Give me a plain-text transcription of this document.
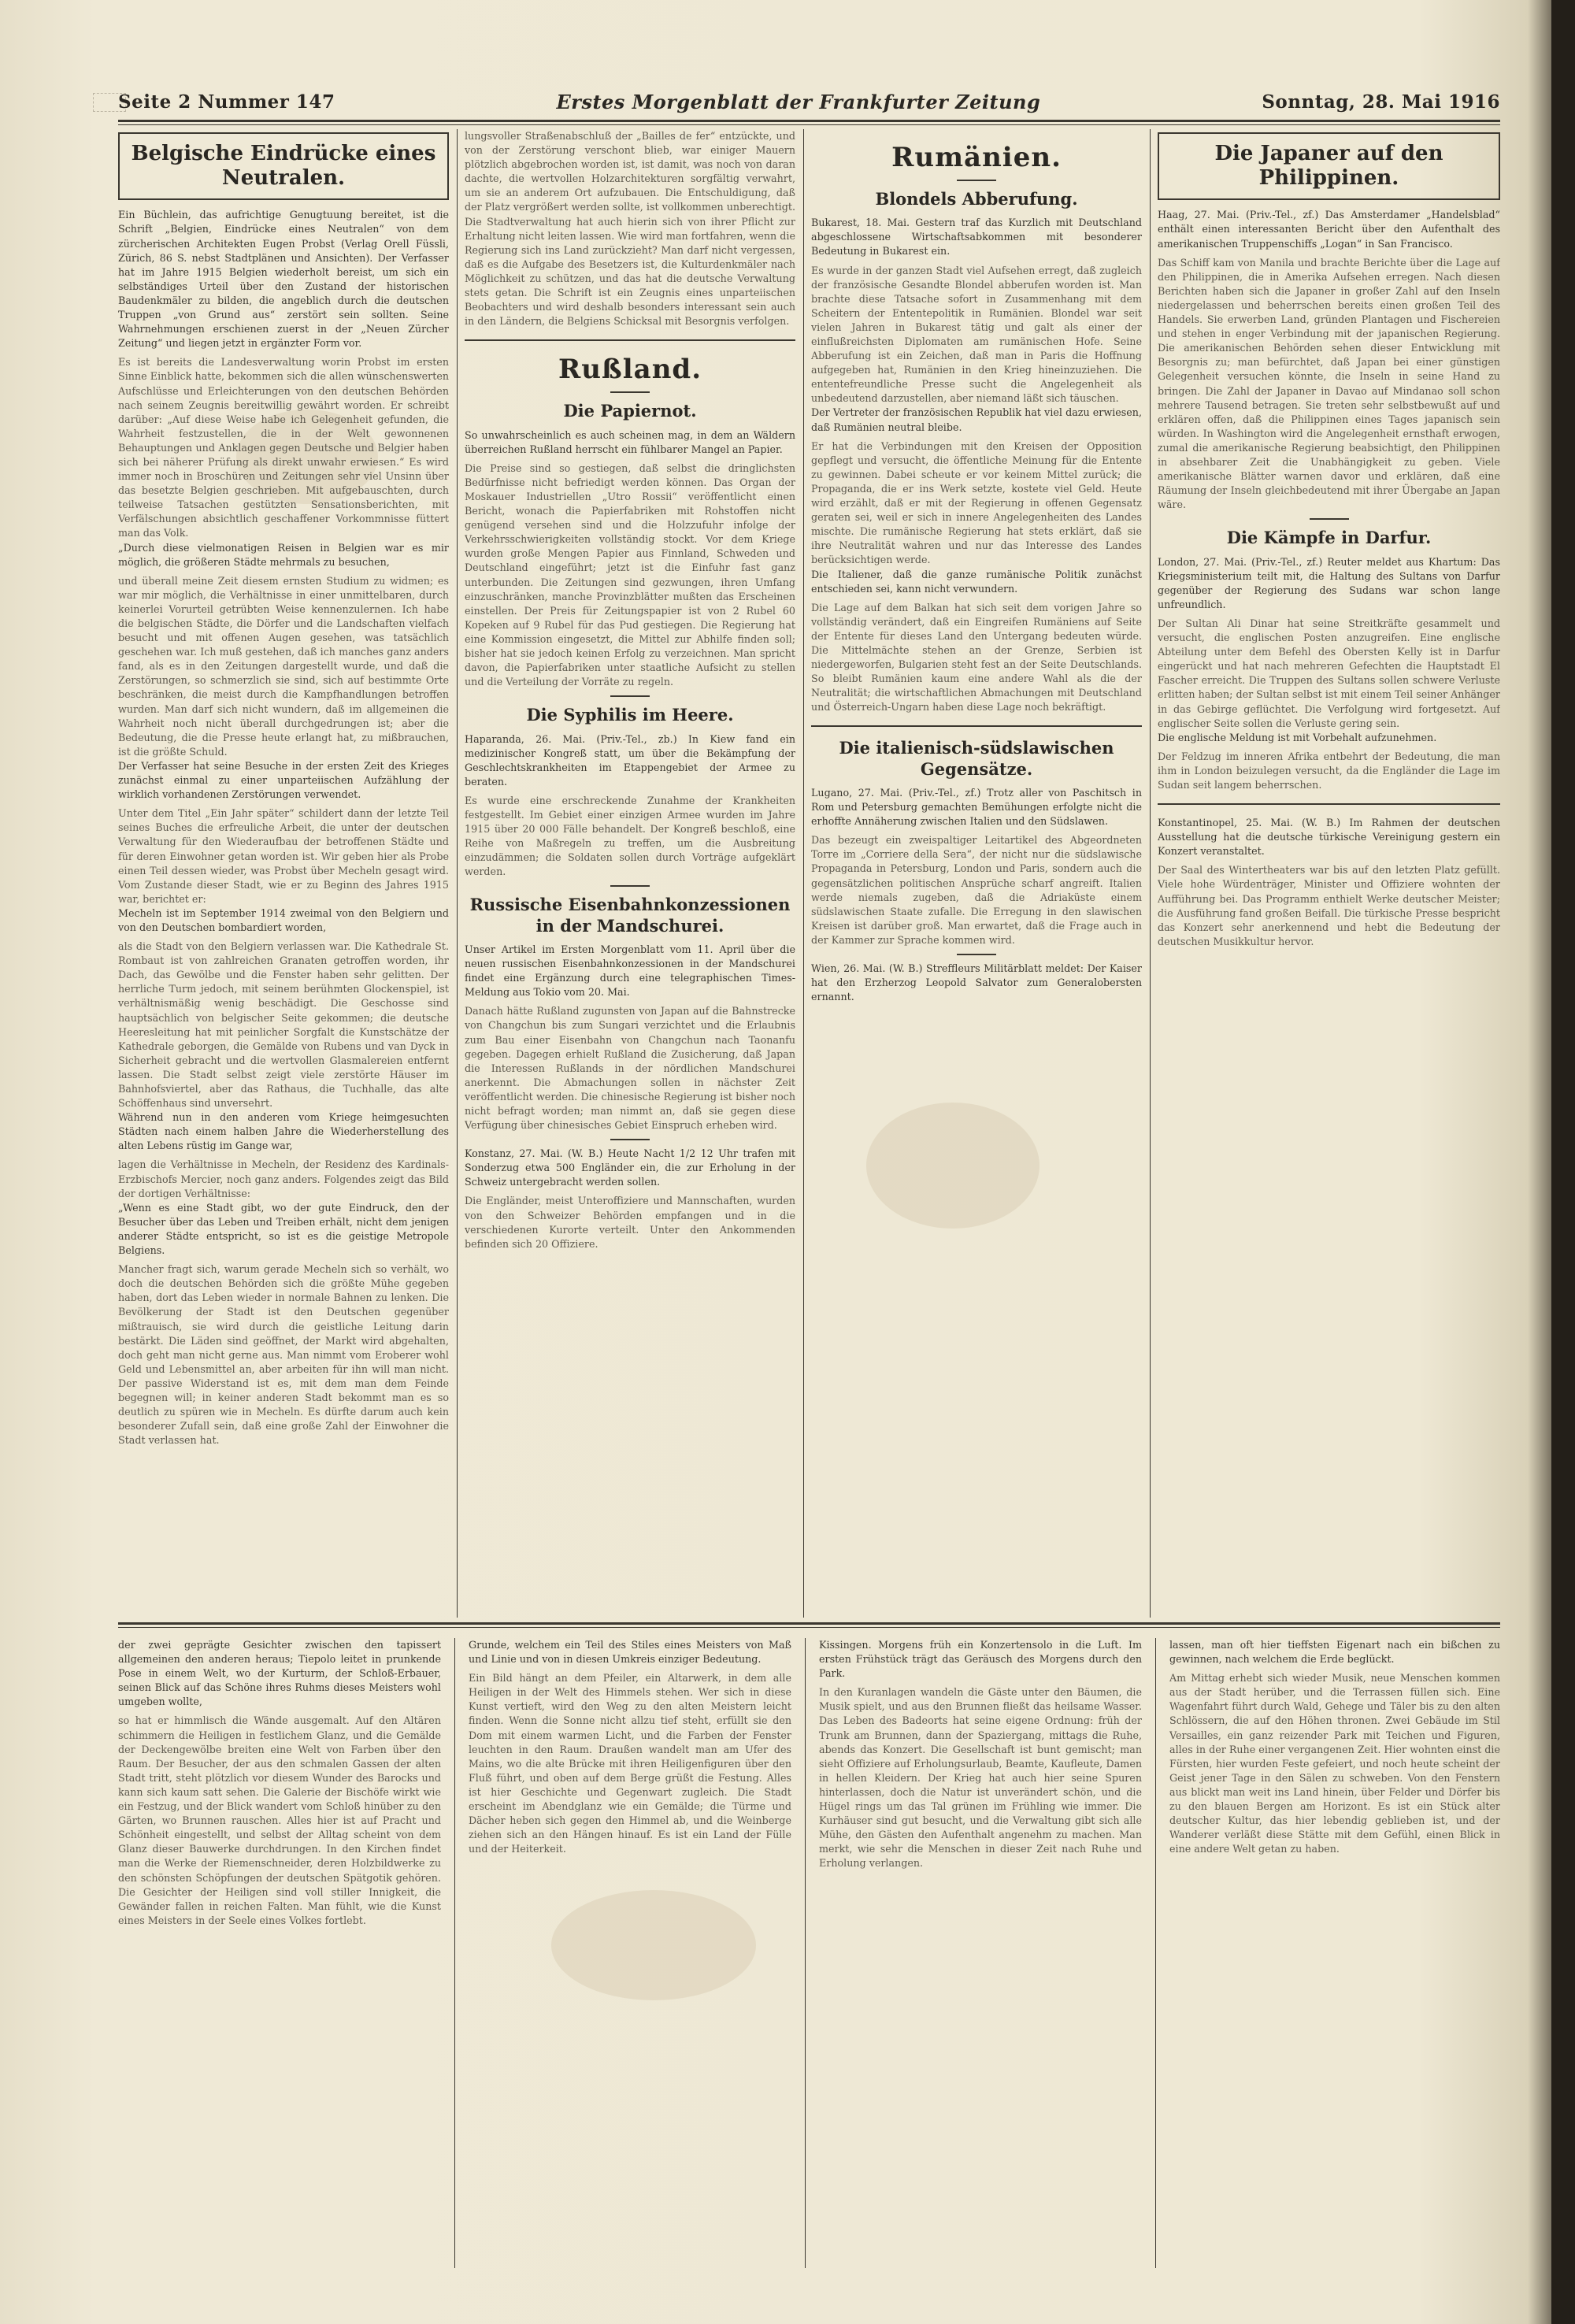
Seite 2 Nummer 147	Erstes Morgenblatt der Frankfurter Zeitung	Sonntag, 28. Mai 1916
Belgische Eindrücke eines Neutralen.

Ein Büchlein, das aufrichtige Genugtuung bereitet, ist die Schrift „Belgien, Eindrücke eines Neutralen“ von dem zürcherischen Architekten Eugen Probst (Verlag Orell Füssli, Zürich, 86 S. nebst Stadtplänen und Ansichten). Der Verfasser hat im Jahre 1915 Belgien wiederholt bereist, um sich ein selbständiges Urteil über den Zustand der historischen Baudenkmäler zu bilden, die angeblich durch die deutschen Truppen „von Grund aus“ zerstört sein sollten. Seine Wahrnehmungen erschienen zuerst in der „Neuen Zürcher Zeitung“ und liegen jetzt in ergänzter Form vor.

Es ist bereits die Landesverwaltung worin Probst im ersten Sinne Einblick hatte, bekommen sich die allen wünschenswerten Aufschlüsse und Erleichterungen von den deutschen Behörden nach seinem Zeugnis bereitwillig gewährt worden. Er schreibt darüber: „Auf diese Weise habe ich Gelegenheit gefunden, die Wahrheit festzustellen, die in der Welt gewonnenen Behauptungen und Anklagen gegen Deutsche und Belgier haben sich bei näherer Prüfung als direkt unwahr erwiesen.“ Es wird immer noch in Broschüren und Zeitungen sehr viel Unsinn über das besetzte Belgien geschrieben. Mit aufgebauschten, durch teilweise Tatsachen gestützten Sensationsberichten, mit Verfälschungen absichtlich geschaffener Vorkommnisse füttert man das Volk.

„Durch diese vielmonatigen Reisen in Belgien war es mir möglich, die größeren Städte mehrmals zu besuchen,

und überall meine Zeit diesem ernsten Studium zu widmen; es war mir möglich, die Verhältnisse in einer unmittelbaren, durch keinerlei Vorurteil getrübten Weise kennenzulernen. Ich habe die belgischen Städte, die Dörfer und die Landschaften vielfach besucht und mit offenen Augen gesehen, was tatsächlich geschehen war. Ich muß gestehen, daß ich manches ganz anders fand, als es in den Zeitungen dargestellt wurde, und daß die Zerstörungen, so schmerzlich sie sind, sich auf bestimmte Orte beschränken, die meist durch die Kampfhandlungen betroffen wurden. Man darf sich nicht wundern, daß im allgemeinen die Wahrheit noch nicht überall durchgedrungen ist; aber die Bedeutung, die die Presse heute erlangt hat, zu mißbrauchen, ist die größte Schuld.

Der Verfasser hat seine Besuche in der ersten Zeit des Krieges zunächst einmal zu einer unparteiischen Aufzählung der wirklich vorhandenen Zerstörungen verwendet.

Unter dem Titel „Ein Jahr später“ schildert dann der letzte Teil seines Buches die erfreuliche Arbeit, die unter der deutschen Verwaltung für den Wiederaufbau der betroffenen Städte und für deren Einwohner getan worden ist. Wir geben hier als Probe einen Teil dessen wieder, was Probst über Mecheln gesagt wird. Vom Zustande dieser Stadt, wie er zu Beginn des Jahres 1915 war, berichtet er:

Mecheln ist im September 1914 zweimal von den Belgiern und von den Deutschen bombardiert worden,

als die Stadt von den Belgiern verlassen war. Die Kathedrale St. Rombaut ist von zahlreichen Granaten getroffen worden, ihr Dach, das Gewölbe und die Fenster haben sehr gelitten. Der herrliche Turm jedoch, mit seinem berühmten Glockenspiel, ist verhältnismäßig wenig beschädigt. Die Geschosse sind hauptsächlich von belgischer Seite gekommen; die deutsche Heeresleitung hat mit peinlicher Sorgfalt die Kunstschätze der Kathedrale geborgen, die Gemälde von Rubens und van Dyck in Sicherheit gebracht und die wertvollen Glasmalereien entfernt lassen. Die Stadt selbst zeigt viele zerstörte Häuser im Bahnhofsviertel, aber das Rathaus, die Tuchhalle, das alte Schöffenhaus sind unversehrt.

Während nun in den anderen vom Kriege heimgesuchten Städten nach einem halben Jahre die Wiederherstellung des alten Lebens rüstig im Gange war,

lagen die Verhältnisse in Mecheln, der Residenz des Kardinals-Erzbischofs Mercier, noch ganz anders. Folgendes zeigt das Bild der dortigen Verhältnisse:

„Wenn es eine Stadt gibt, wo der gute Eindruck, den der Besucher über das Leben und Treiben erhält, nicht dem jenigen anderer Städte entspricht, so ist es die geistige Metropole Belgiens.

Mancher fragt sich, warum gerade Mecheln sich so verhält, wo doch die deutschen Behörden sich die größte Mühe gegeben haben, dort das Leben wieder in normale Bahnen zu lenken. Die Bevölkerung der Stadt ist den Deutschen gegenüber mißtrauisch, sie wird durch die geistliche Leitung darin bestärkt. Die Läden sind geöffnet, der Markt wird abgehalten, doch geht man nicht gerne aus. Man nimmt vom Eroberer wohl Geld und Lebensmittel an, aber arbeiten für ihn will man nicht. Der passive Widerstand ist es, mit dem man dem Feinde begegnen will; in keiner anderen Stadt bekommt man es so deutlich zu spüren wie in Mecheln. Es dürfte darum auch kein besonderer Zufall sein, daß eine große Zahl der Einwohner die Stadt verlassen hat.

lungsvoller Straßenabschluß der „Bailles de fer“ entzückte, und von der Zerstörung verschont blieb, war einiger Mauern plötzlich abgebrochen worden ist, ist damit, was noch von daran dachte, die wertvollen Holzarchitekturen sorgfältig verwahrt, um sie an anderem Ort aufzubauen. Die Entschuldigung, daß der Platz vergrößert werden sollte, ist vollkommen unberechtigt. Die Stadtverwaltung hat auch hierin sich von ihrer Pflicht zur Erhaltung nicht leiten lassen. Wie wird man fortfahren, wenn die Regierung sich ins Land zurückzieht? Man darf nicht vergessen, daß es die Aufgabe des Besetzers ist, die Kulturdenkmäler nach Möglichkeit zu schützen, und das hat die deutsche Verwaltung stets getan. Die Schrift ist ein Zeugnis eines unparteiischen Beobachters und wird deshalb besonders interessant sein auch in den Ländern, die Belgiens Schicksal mit Besorgnis verfolgen.

Rußland.
Die Papiernot.

So unwahrscheinlich es auch scheinen mag, in dem an Wäldern überreichen Rußland herrscht ein fühlbarer Mangel an Papier.

Die Preise sind so gestiegen, daß selbst die dringlichsten Bedürfnisse nicht befriedigt werden können. Das Organ der Moskauer Industriellen „Utro Rossii“ veröffentlicht einen Bericht, wonach die Papierfabriken mit Rohstoffen nicht genügend versehen sind und die Holzzufuhr infolge der Verkehrsschwierigkeiten vollständig stockt. Vor dem Kriege wurden große Mengen Papier aus Finnland, Schweden und Deutschland eingeführt; jetzt ist die Einfuhr fast ganz unterbunden. Die Zeitungen sind gezwungen, ihren Umfang einzuschränken, manche Provinzblätter mußten das Erscheinen einstellen. Der Preis für Zeitungspapier ist von 2 Rubel 60 Kopeken auf 9 Rubel für das Pud gestiegen. Die Regierung hat eine Kommission eingesetzt, die Mittel zur Abhilfe finden soll; bisher hat sie jedoch keinen Erfolg zu verzeichnen. Man spricht davon, die Papierfabriken unter staatliche Aufsicht zu stellen und die Verteilung der Vorräte zu regeln.

Die Syphilis im Heere.

Haparanda, 26. Mai. (Priv.-Tel., zb.) In Kiew fand ein medizinischer Kongreß statt, um über die Bekämpfung der Geschlechtskrankheiten im Etappengebiet der Armee zu beraten.

Es wurde eine erschreckende Zunahme der Krankheiten festgestellt. Im Gebiet einer einzigen Armee wurden im Jahre 1915 über 20 000 Fälle behandelt. Der Kongreß beschloß, eine Reihe von Maßregeln zu treffen, um die Ausbreitung einzudämmen; die Soldaten sollen durch Vorträge aufgeklärt werden.

Russische Eisenbahnkonzessionen in der Mandschurei.

Unser Artikel im Ersten Morgenblatt vom 11. April über die neuen russischen Eisenbahnkonzessionen in der Mandschurei findet eine Ergänzung durch eine telegraphischen Times-Meldung aus Tokio vom 20. Mai.

Danach hätte Rußland zugunsten von Japan auf die Bahnstrecke von Changchun bis zum Sungari verzichtet und die Erlaubnis zum Bau einer Eisenbahn von Changchun nach Taonanfu gegeben. Dagegen erhielt Rußland die Zusicherung, daß Japan die Interessen Rußlands in der nördlichen Mandschurei anerkennt. Die Abmachungen sollen in nächster Zeit veröffentlicht werden. Die chinesische Regierung ist bisher noch nicht befragt worden; man nimmt an, daß sie gegen diese Verfügung über chinesisches Gebiet Einspruch erheben wird.

Konstanz, 27. Mai. (W. B.) Heute Nacht 1/2 12 Uhr trafen mit Sonderzug etwa 500 Engländer ein, die zur Erholung in der Schweiz untergebracht werden sollen.

Die Engländer, meist Unteroffiziere und Mannschaften, wurden von den Schweizer Behörden empfangen und in die verschiedenen Kurorte verteilt. Unter den Ankommenden befinden sich 20 Offiziere.

Rumänien.
Blondels Abberufung.

Bukarest, 18. Mai. Gestern traf das Kurzlich mit Deutschland abgeschlossene Wirtschaftsabkommen mit besonderer Bedeutung in Bukarest ein.

Es wurde in der ganzen Stadt viel Aufsehen erregt, daß zugleich der französische Gesandte Blondel abberufen worden ist. Man brachte diese Tatsache sofort in Zusammenhang mit dem Scheitern der Ententepolitik in Rumänien. Blondel war seit vielen Jahren in Bukarest tätig und galt als einer der einflußreichsten Diplomaten am rumänischen Hofe. Seine Abberufung ist ein Zeichen, daß man in Paris die Hoffnung aufgegeben hat, Rumänien in den Krieg hineinzuziehen. Die ententefreundliche Presse sucht die Angelegenheit als unbedeutend darzustellen, aber niemand läßt sich täuschen.

Der Vertreter der französischen Republik hat viel dazu erwiesen, daß Rumänien neutral bleibe.

Er hat die Verbindungen mit den Kreisen der Opposition gepflegt und versucht, die öffentliche Meinung für die Entente zu gewinnen. Dabei scheute er vor keinem Mittel zurück; die Propaganda, die er ins Werk setzte, kostete viel Geld. Heute wird erzählt, daß er mit der Regierung in offenen Gegensatz geraten sei, weil er sich in innere Angelegenheiten des Landes mischte. Die rumänische Regierung hat stets erklärt, daß sie ihre Neutralität wahren und nur das Interesse des Landes berücksichtigen werde.

Die Italiener, daß die ganze rumänische Politik zunächst entschieden sei, kann nicht verwundern.

Die Lage auf dem Balkan hat sich seit dem vorigen Jahre so vollständig verändert, daß ein Eingreifen Rumäniens auf Seite der Entente für dieses Land den Untergang bedeuten würde. Die Mittelmächte stehen an der Grenze, Serbien ist niedergeworfen, Bulgarien steht fest an der Seite Deutschlands. So bleibt Rumänien kaum eine andere Wahl als die der Neutralität; die wirtschaftlichen Abmachungen mit Deutschland und Österreich-Ungarn haben diese Lage noch bekräftigt.

Die italienisch-südslawischen Gegensätze.

Lugano, 27. Mai. (Priv.-Tel., zf.) Trotz aller von Paschitsch in Rom und Petersburg gemachten Bemühungen erfolgte nicht die erhoffte Annäherung zwischen Italien und den Südslawen.

Das bezeugt ein zweispaltiger Leitartikel des Abgeordneten Torre im „Corriere della Sera“, der nicht nur die südslawische Propaganda in Petersburg, London und Paris, sondern auch die gegensätzlichen politischen Ansprüche scharf angreift. Italien werde niemals zugeben, daß die Adriaküste einem südslawischen Staate zufalle. Die Erregung in den slawischen Kreisen ist darüber groß. Man erwartet, daß die Frage auch in der Kammer zur Sprache kommen wird.

Wien, 26. Mai. (W. B.) Streffleurs Militärblatt meldet: Der Kaiser hat den Erzherzog Leopold Salvator zum Generalobersten ernannt.

Die Japaner auf den Philippinen.

Haag, 27. Mai. (Priv.-Tel., zf.) Das Amsterdamer „Handelsblad“ enthält einen interessanten Bericht über den Aufenthalt des amerikanischen Truppenschiffs „Logan“ in San Francisco.

Das Schiff kam von Manila und brachte Berichte über die Lage auf den Philippinen, die in Amerika Aufsehen erregen. Nach diesen Berichten haben sich die Japaner in großer Zahl auf den Inseln niedergelassen und beherrschen bereits einen großen Teil des Handels. Sie erwerben Land, gründen Plantagen und Fischereien und stehen in enger Verbindung mit der japanischen Regierung. Die amerikanischen Behörden sehen dieser Entwicklung mit Besorgnis zu; man befürchtet, daß Japan bei einer günstigen Gelegenheit versuchen könnte, die Inseln in seine Hand zu bringen. Die Zahl der Japaner in Davao auf Mindanao soll schon mehrere Tausend betragen. Sie treten sehr selbstbewußt auf und erklären offen, daß die Philippinen eines Tages japanisch sein würden. In Washington wird die Angelegenheit ernsthaft erwogen, zumal die amerikanische Regierung beabsichtigt, den Philippinen in absehbarer Zeit die Unabhängigkeit zu geben. Viele amerikanische Blätter warnen davor und erklären, daß eine Räumung der Inseln gleichbedeutend mit ihrer Übergabe an Japan wäre.

Die Kämpfe in Darfur.

London, 27. Mai. (Priv.-Tel., zf.) Reuter meldet aus Khartum: Das Kriegsministerium teilt mit, die Haltung des Sultans von Darfur gegenüber der Regierung des Sudans war schon lange unfreundlich.

Der Sultan Ali Dinar hat seine Streitkräfte gesammelt und versucht, die englischen Posten anzugreifen. Eine englische Abteilung unter dem Befehl des Obersten Kelly ist in Darfur eingerückt und hat nach mehreren Gefechten die Hauptstadt El Fascher erreicht. Die Truppen des Sultans sollen schwere Verluste erlitten haben; der Sultan selbst ist mit einem Teil seiner Anhänger in das Gebirge geflüchtet. Die Verfolgung wird fortgesetzt. Auf englischer Seite sollen die Verluste gering sein.

Die englische Meldung ist mit Vorbehalt aufzunehmen.

Der Feldzug im inneren Afrika entbehrt der Bedeutung, die man ihm in London beizulegen versucht, da die Engländer die Lage im Sudan seit langem beherrschen.

Konstantinopel, 25. Mai. (W. B.) Im Rahmen der deutschen Ausstellung hat die deutsche türkische Vereinigung gestern ein Konzert veranstaltet.

Der Saal des Wintertheaters war bis auf den letzten Platz gefüllt. Viele hohe Würdenträger, Minister und Offiziere wohnten der Aufführung bei. Das Programm enthielt Werke deutscher Meister; die Ausführung fand großen Beifall. Die türkische Presse bespricht das Konzert sehr anerkennend und hebt die Bedeutung der deutschen Musikkultur hervor.

der zwei geprägte Gesichter zwischen den tapissert allgemeinen den anderen heraus; Tiepolo leitet in prunkende Pose in einem Welt, wo der Kurturm, der Schloß-Erbauer, seinen Blick auf das Schöne ihres Ruhms dieses Meisters wohl umgeben wollte,

so hat er himmlisch die Wände ausgemalt. Auf den Altären schimmern die Heiligen in festlichem Glanz, und die Gemälde der Deckengewölbe breiten eine Welt von Farben über den Raum. Der Besucher, der aus den schmalen Gassen der alten Stadt tritt, steht plötzlich vor diesem Wunder des Barocks und kann sich kaum satt sehen. Die Galerie der Bischöfe wirkt wie ein Festzug, und der Blick wandert vom Schloß hinüber zu den Gärten, wo Brunnen rauschen. Alles hier ist auf Pracht und Schönheit eingestellt, und selbst der Alltag scheint von dem Glanz dieser Bauwerke durchdrungen. In den Kirchen findet man die Werke der Riemenschneider, deren Holzbildwerke zu den schönsten Schöpfungen der deutschen Spätgotik gehören. Die Gesichter der Heiligen sind voll stiller Innigkeit, die Gewänder fallen in reichen Falten. Man fühlt, wie die Kunst eines Meisters in der Seele eines Volkes fortlebt.

Grunde, welchem ein Teil des Stiles eines Meisters von Maß und Linie und von in diesen Umkreis einziger Bedeutung.

Ein Bild hängt an dem Pfeiler, ein Altarwerk, in dem alle Heiligen in der Welt des Himmels stehen. Wer sich in diese Kunst vertieft, wird den Weg zu den alten Meistern leicht finden. Wenn die Sonne nicht allzu tief steht, erfüllt sie den Dom mit einem warmen Licht, und die Farben der Fenster leuchten in den Raum. Draußen wandelt man am Ufer des Mains, wo die alte Brücke mit ihren Heiligenfiguren über den Fluß führt, und oben auf dem Berge grüßt die Festung. Alles ist hier Geschichte und Gegenwart zugleich. Die Stadt erscheint im Abendglanz wie ein Gemälde; die Türme und Dächer heben sich gegen den Himmel ab, und die Weinberge ziehen sich an den Hängen hinauf. Es ist ein Land der Fülle und der Heiterkeit.

Kissingen. Morgens früh ein Konzertensolo in die Luft. Im ersten Frühstück trägt das Geräusch des Morgens durch den Park.

In den Kuranlagen wandeln die Gäste unter den Bäumen, die Musik spielt, und aus den Brunnen fließt das heilsame Wasser. Das Leben des Badeorts hat seine eigene Ordnung: früh der Trunk am Brunnen, dann der Spaziergang, mittags die Ruhe, abends das Konzert. Die Gesellschaft ist bunt gemischt; man sieht Offiziere auf Erholungsurlaub, Beamte, Kaufleute, Damen in hellen Kleidern. Der Krieg hat auch hier seine Spuren hinterlassen, doch die Natur ist unverändert schön, und die Hügel rings um das Tal grünen im Frühling wie immer. Die Kurhäuser sind gut besucht, und die Verwaltung gibt sich alle Mühe, den Gästen den Aufenthalt angenehm zu machen. Man merkt, wie sehr die Menschen in dieser Zeit nach Ruhe und Erholung verlangen.

lassen, man oft hier tieffsten Eigenart nach ein bißchen zu gewinnen, nach welchem die Erde beglückt.

Am Mittag erhebt sich wieder Musik, neue Menschen kommen aus der Stadt herüber, und die Terrassen füllen sich. Eine Wagenfahrt führt durch Wald, Gehege und Täler bis zu den alten Schlössern, die auf den Höhen thronen. Zwei Gebäude im Stil Versailles, ein ganz reizender Park mit Teichen und Figuren, alles in der Ruhe einer vergangenen Zeit. Hier wohnten einst die Fürsten, hier wurden Feste gefeiert, und noch heute scheint der Geist jener Tage in den Sälen zu schweben. Von den Fenstern aus blickt man weit ins Land hinein, über Felder und Dörfer bis zu den blauen Bergen am Horizont. Es ist ein Stück alter deutscher Kultur, das hier lebendig geblieben ist, und der Wanderer verläßt diese Stätte mit dem Gefühl, einen Blick in eine andere Welt getan zu haben.
